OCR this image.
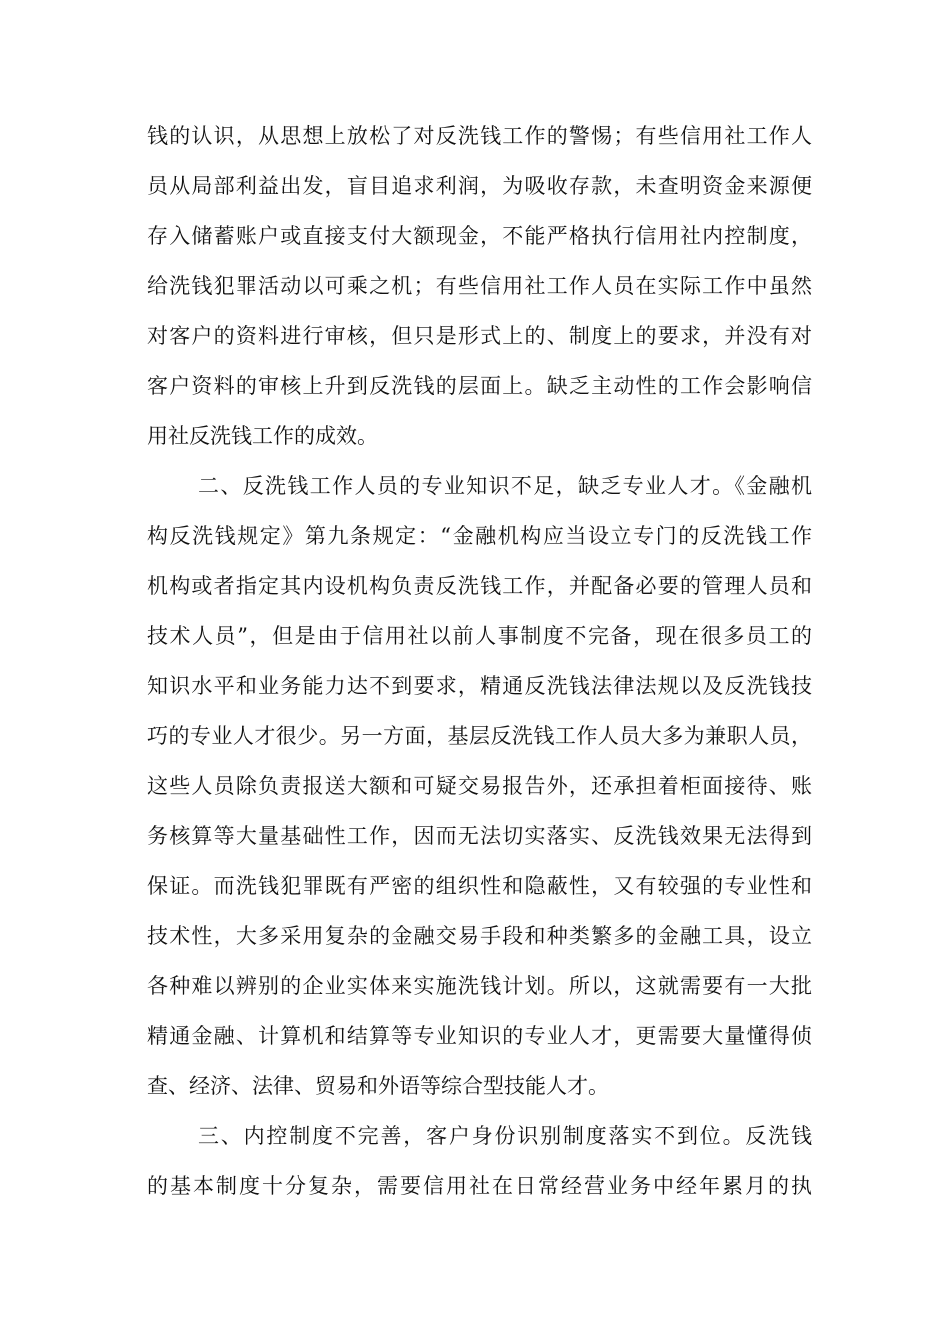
钱的认识，从思想上放松了对反洗钱工作的警惕；有些信用社工作人
员从局部利益出发，盲目追求利润，为吸收存款，未查明资金来源便
存入储蓄账户或直接支付大额现金，不能严格执行信用社内控制度，
给洗钱犯罪活动以可乘之机；有些信用社工作人员在实际工作中虽然
对客户的资料进行审核，但只是形式上的、制度上的要求，并没有对
客户资料的审核上升到反洗钱的层面上。缺乏主动性的工作会影响信
用社反洗钱工作的成效。
二、反洗钱工作人员的专业知识不足，缺乏专业人才。《金融机
构反洗钱规定》第九条规定：“金融机构应当设立专门的反洗钱工作
机构或者指定其内设机构负责反洗钱工作，并配备必要的管理人员和
技术人员”，但是由于信用社以前人事制度不完备，现在很多员工的
知识水平和业务能力达不到要求，精通反洗钱法律法规以及反洗钱技
巧的专业人才很少。另一方面，基层反洗钱工作人员大多为兼职人员，
这些人员除负责报送大额和可疑交易报告外，还承担着柜面接待、账
务核算等大量基础性工作，因而无法切实落实、反洗钱效果无法得到
保证。而洗钱犯罪既有严密的组织性和隐蔽性，又有较强的专业性和
技术性，大多采用复杂的金融交易手段和种类繁多的金融工具，设立
各种难以辨别的企业实体来实施洗钱计划。所以，这就需要有一大批
精通金融、计算机和结算等专业知识的专业人才，更需要大量懂得侦
查、经济、法律、贸易和外语等综合型技能人才。
三、内控制度不完善，客户身份识别制度落实不到位。反洗钱
的基本制度十分复杂，需要信用社在日常经营业务中经年累月的执
